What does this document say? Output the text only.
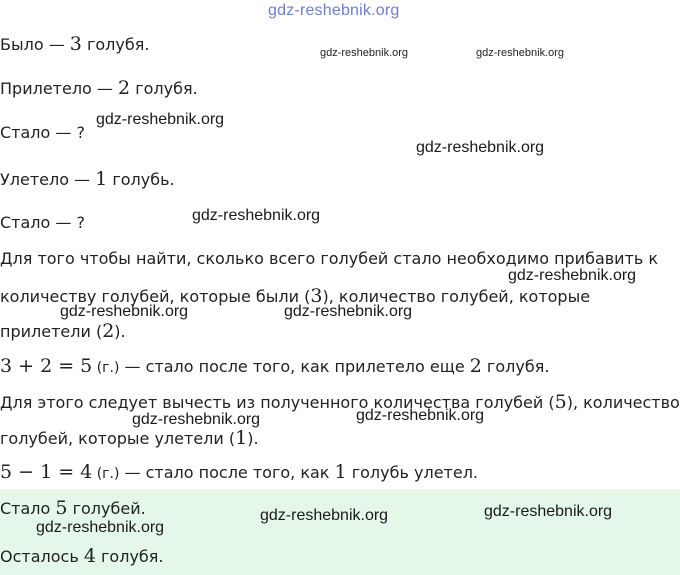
gdz-reshebnik.org
Было — 3 голубя.
Прилетело — 2 голубя.
Стало — ?
Улетело — 1 голубь.
Стало — ?
Для того чтобы найти, сколько всего голубей стало необходимо прибавить к
количеству голубей, которые были (3), количество голубей, которые
прилетели (2).
3 + 2 = 5 (г.) — стало после того, как прилетело еще 2 голубя.
Для этого следует вычесть из полученного количества голубей (5), количество
голубей, которые улетели (1).
5 − 1 = 4 (г.) — стало после того, как 1 голубь улетел.
Стало 5 голубей.
Осталось 4 голубя.
gdz-reshebnik.org	gdz-reshebnik.org
gdz-reshebnik.org
gdz-reshebnik.org
gdz-reshebnik.org
gdz-reshebnik.org
gdz-reshebnik.org	gdz-reshebnik.org
gdz-reshebnik.org	gdz-reshebnik.org
gdz-reshebnik.org
gdz-reshebnik.org	gdz-reshebnik.org
